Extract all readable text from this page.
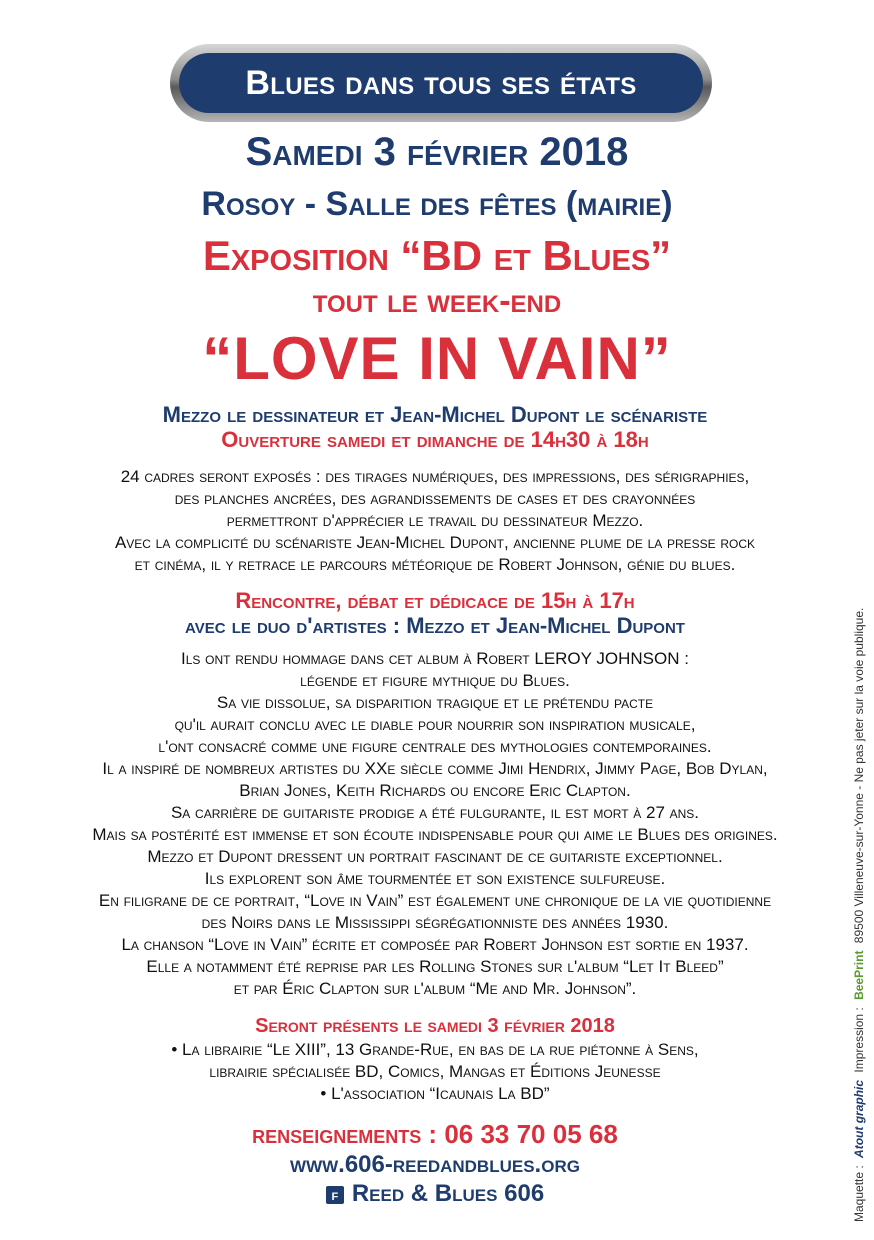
Blues dans tous ses états
Samedi 3 février 2018
Rosoy - Salle des fêtes (mairie)
Exposition “BD et Blues”
tout le week-end
“LOVE IN VAIN”
Mezzo le dessinateur et Jean-Michel Dupont le scénariste
Ouverture samedi et dimanche de 14h30 à 18h
24 cadres seront exposés : des tirages numériques, des impressions, des sérigraphies,
des planches ancrées, des agrandissements de cases et des crayonnées
permettront d'apprécier le travail du dessinateur Mezzo.
Avec la complicité du scénariste Jean-Michel Dupont, ancienne plume de la presse rock
et cinéma, il y retrace le parcours météorique de Robert Johnson, génie du blues.
Rencontre, débat et dédicace de 15h à 17h
avec le duo d'artistes : Mezzo et Jean-Michel Dupont
Ils ont rendu hommage dans cet album à Robert LEROY JOHNSON :
légende et figure mythique du Blues.
Sa vie dissolue, sa disparition tragique et le prétendu pacte
qu'il aurait conclu avec le diable pour nourrir son inspiration musicale,
l'ont consacré comme une figure centrale des mythologies contemporaines.
Il a inspiré de nombreux artistes du XXe siècle comme Jimi Hendrix, Jimmy Page, Bob Dylan,
Brian Jones, Keith Richards ou encore Eric Clapton.
Sa carrière de guitariste prodige a été fulgurante, il est mort à 27 ans.
Mais sa postérité est immense et son écoute indispensable pour qui aime le Blues des origines.
Mezzo et Dupont dressent un portrait fascinant de ce guitariste exceptionnel.
Ils explorent son âme tourmentée et son existence sulfureuse.
En filigrane de ce portrait, “Love in Vain” est également une chronique de la vie quotidienne
des Noirs dans le Mississippi ségrégationniste des années 1930.
La chanson “Love in Vain” écrite et composée par Robert Johnson est sortie en 1937.
Elle a notamment été reprise par les Rolling Stones sur l'album “Let It Bleed”
et par Éric Clapton sur l'album “Me and Mr. Johnson”.
Seront présents le samedi 3 février 2018
• La librairie “Le XIII”, 13 Grande-Rue, en bas de la rue piétonne à Sens,
librairie spécialisée BD, Comics, Mangas et Éditions Jeunesse
• L'association “Icaunais La BD”
renseignements : 06 33 70 05 68
www.606-reedandblues.org
f Reed & Blues 606	Maquette : Atout graphic Impression : BeePrint 89500 Villeneuve-sur-Yonne - Ne pas jeter sur la voie publique.
